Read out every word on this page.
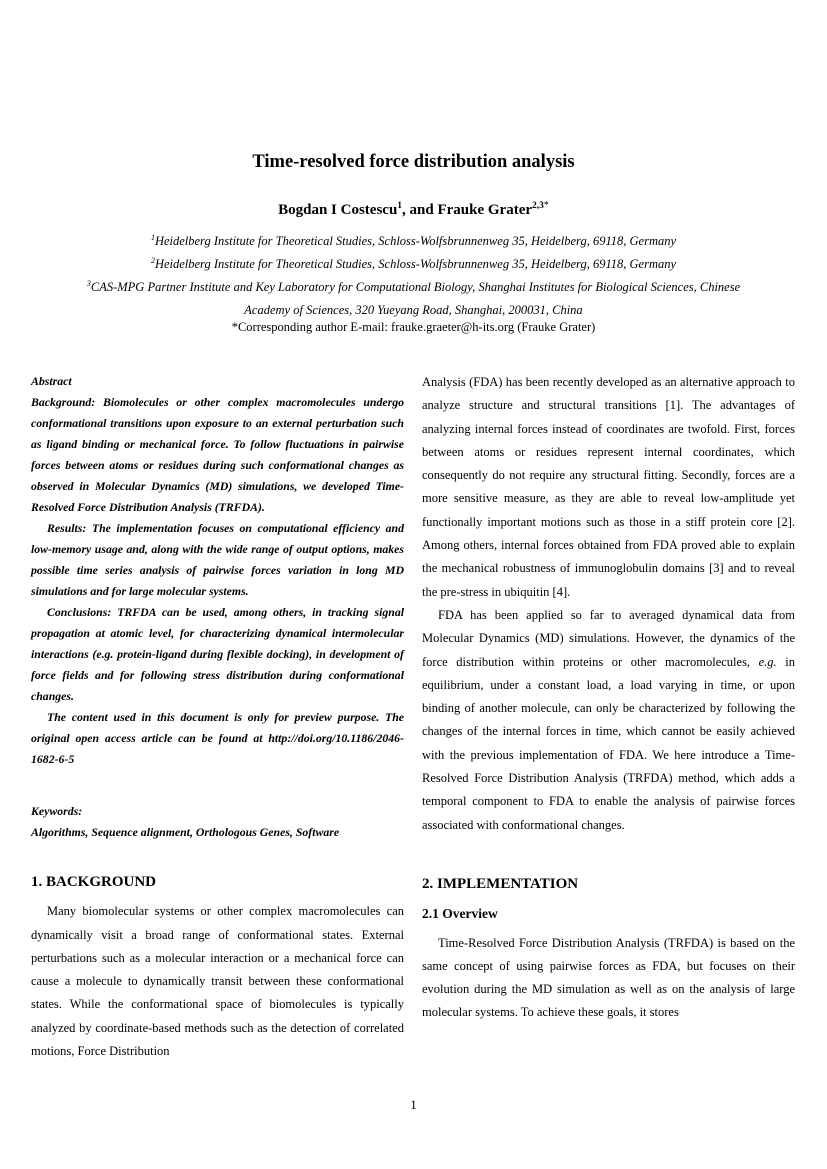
Time-resolved force distribution analysis
Bogdan I Costescu$^1$, and Frauke Grater$^{2,3*}$
$^1$Heidelberg Institute for Theoretical Studies, Schloss-Wolfsbrunnenweg 35, Heidelberg, 69118, Germany
$^2$Heidelberg Institute for Theoretical Studies, Schloss-Wolfsbrunnenweg 35, Heidelberg, 69118, Germany
$^3$CAS-MPG Partner Institute and Key Laboratory for Computational Biology, Shanghai Institutes for Biological Sciences, Chinese
Academy of Sciences, 320 Yueyang Road, Shanghai, 200031, China
*Corresponding author E-mail: frauke.graeter@h-its.org (Frauke Grater)

Abstract

Background: Biomolecules or other complex macromolecules undergo conformational transitions upon exposure to an external perturbation such as ligand binding or mechanical force. To follow fluctuations in pairwise forces between atoms or residues during such conformational changes as observed in Molecular Dynamics (MD) simulations, we developed Time-Resolved Force Distribution Analysis (TRFDA).

Results: The implementation focuses on computational efficiency and low-memory usage and, along with the wide range of output options, makes possible time series analysis of pairwise forces variation in long MD simulations and for large molecular systems.

Conclusions: TRFDA can be used, among others, in tracking signal propagation at atomic level, for characterizing dynamical intermolecular interactions (e.g. protein-ligand during flexible docking), in development of force fields and for following stress distribution during conformational changes.

The content used in this document is only for preview purpose. The original open access article can be found at http://doi.org/10.1186/2046-1682-6-5

Keywords:

Algorithms, Sequence alignment, Orthologous Genes, Software

1. BACKGROUND

Many biomolecular systems or other complex macromolecules can dynamically visit a broad range of conformational states. External perturbations such as a molecular interaction or a mechanical force can cause a molecule to dynamically transit between these conformational states. While the conformational space of biomolecules is typically analyzed by coordinate-based methods such as the detection of correlated motions, Force Distribution

Analysis (FDA) has been recently developed as an alternative approach to analyze structure and structural transitions [1]. The advantages of analyzing internal forces instead of coordinates are twofold. First, forces between atoms or residues represent internal coordinates, which consequently do not require any structural fitting. Secondly, forces are a more sensitive measure, as they are able to reveal low-amplitude yet functionally important motions such as those in a stiff protein core [2]. Among others, internal forces obtained from FDA proved able to explain the mechanical robustness of immunoglobulin domains [3] and to reveal the pre-stress in ubiquitin [4].

FDA has been applied so far to averaged dynamical data from Molecular Dynamics (MD) simulations. However, the dynamics of the force distribution within proteins or other macromolecules, e.g. in equilibrium, under a constant load, a load varying in time, or upon binding of another molecule, can only be characterized by following the changes of the internal forces in time, which cannot be easily achieved with the previous implementation of FDA. We here introduce a Time-Resolved Force Distribution Analysis (TRFDA) method, which adds a temporal component to FDA to enable the analysis of pairwise forces associated with conformational changes.

2. IMPLEMENTATION

2.1 Overview

Time-Resolved Force Distribution Analysis (TRFDA) is based on the same concept of using pairwise forces as FDA, but focuses on their evolution during the MD simulation as well as on the analysis of large molecular systems. To achieve these goals, it stores

1
